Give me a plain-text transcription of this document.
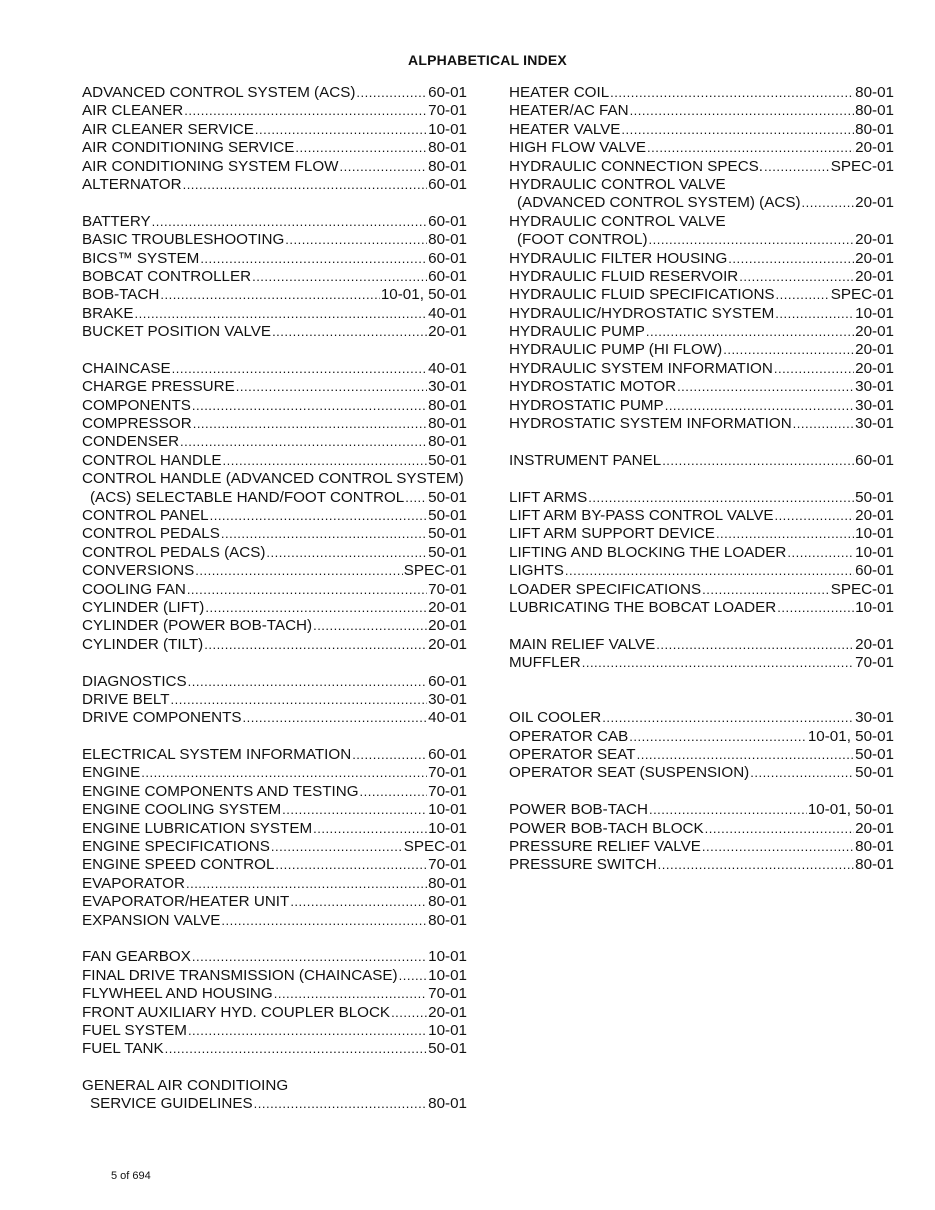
ALPHABETICAL INDEX
ADVANCED CONTROL SYSTEM (ACS) .....	60-01
AIR CLEANER .....	70-01
AIR CLEANER SERVICE .....	10-01
AIR CONDITIONING SERVICE .....	80-01
AIR CONDITIONING SYSTEM FLOW .....	80-01
ALTERNATOR .....	60-01
BATTERY .....	60-01
BASIC TROUBLESHOOTING .....	80-01
BICS™ SYSTEM .....	60-01
BOBCAT CONTROLLER .....	60-01
BOB-TACH .....	10-01, 50-01
BRAKE .....	40-01
BUCKET POSITION VALVE .....	20-01
CHAINCASE .....	40-01
CHARGE PRESSURE .....	30-01
COMPONENTS .....	80-01
COMPRESSOR .....	80-01
CONDENSER .....	80-01
CONTROL HANDLE .....	50-01
CONTROL HANDLE (ADVANCED CONTROL SYSTEM)
(ACS) SELECTABLE HAND/FOOT CONTROL ..... 50-01
CONTROL PANEL .....	50-01
CONTROL PEDALS .....	50-01
CONTROL PEDALS (ACS) .....	50-01
CONVERSIONS .....	SPEC-01
COOLING FAN .....	70-01
CYLINDER (LIFT) .....	20-01
CYLINDER (POWER BOB-TACH) .....	20-01
CYLINDER (TILT) .....	20-01
DIAGNOSTICS .....	60-01
DRIVE BELT .....	30-01
DRIVE COMPONENTS .....	40-01
ELECTRICAL SYSTEM INFORMATION .....	60-01
ENGINE .....	70-01
ENGINE COMPONENTS AND TESTING .....	70-01
ENGINE COOLING SYSTEM .....	10-01
ENGINE LUBRICATION SYSTEM .....	10-01
ENGINE SPECIFICATIONS .....	SPEC-01
ENGINE SPEED CONTROL .....	70-01
EVAPORATOR .....	80-01
EVAPORATOR/HEATER UNIT .....	80-01
EXPANSION VALVE .....	80-01
FAN GEARBOX .....	10-01
FINAL DRIVE TRANSMISSION (CHAINCASE) ..... 10-01
FLYWHEEL AND HOUSING .....	70-01
FRONT AUXILIARY HYD. COUPLER BLOCK .....	20-01
FUEL SYSTEM .....	10-01
FUEL TANK .....	50-01
GENERAL AIR CONDITIOING
SERVICE GUIDELINES .....	80-01
HEATER COIL .....	80-01
HEATER/AC FAN .....	80-01
HEATER VALVE .....	80-01
HIGH FLOW VALVE .....	20-01
HYDRAULIC CONNECTION SPECS. .....	SPEC-01
HYDRAULIC CONTROL VALVE
(ADVANCED CONTROL SYSTEM) (ACS) .....	20-01
HYDRAULIC CONTROL VALVE
(FOOT CONTROL) .....	20-01
HYDRAULIC FILTER HOUSING .....	20-01
HYDRAULIC FLUID RESERVOIR .....	20-01
HYDRAULIC FLUID SPECIFICATIONS .....	SPEC-01
HYDRAULIC/HYDROSTATIC SYSTEM .....	10-01
HYDRAULIC PUMP .....	20-01
HYDRAULIC PUMP (HI FLOW) .....	20-01
HYDRAULIC SYSTEM INFORMATION .....	20-01
HYDROSTATIC MOTOR .....	30-01
HYDROSTATIC PUMP .....	30-01
HYDROSTATIC SYSTEM INFORMATION .....	30-01
INSTRUMENT PANEL .....	60-01
LIFT ARMS .....	50-01
LIFT ARM BY-PASS CONTROL VALVE .....	20-01
LIFT ARM SUPPORT DEVICE .....	10-01
LIFTING AND BLOCKING THE LOADER .....	10-01
LIGHTS .....	60-01
LOADER SPECIFICATIONS .....	SPEC-01
LUBRICATING THE BOBCAT LOADER .....	10-01
MAIN RELIEF VALVE .....	20-01
MUFFLER .....	70-01
OIL COOLER .....	30-01
OPERATOR CAB .....	10-01, 50-01
OPERATOR SEAT .....	50-01
OPERATOR SEAT (SUSPENSION) .....	50-01
POWER BOB-TACH .....	10-01, 50-01
POWER BOB-TACH BLOCK .....	20-01
PRESSURE RELIEF VALVE .....	80-01
PRESSURE SWITCH .....	80-01
5 of 694
